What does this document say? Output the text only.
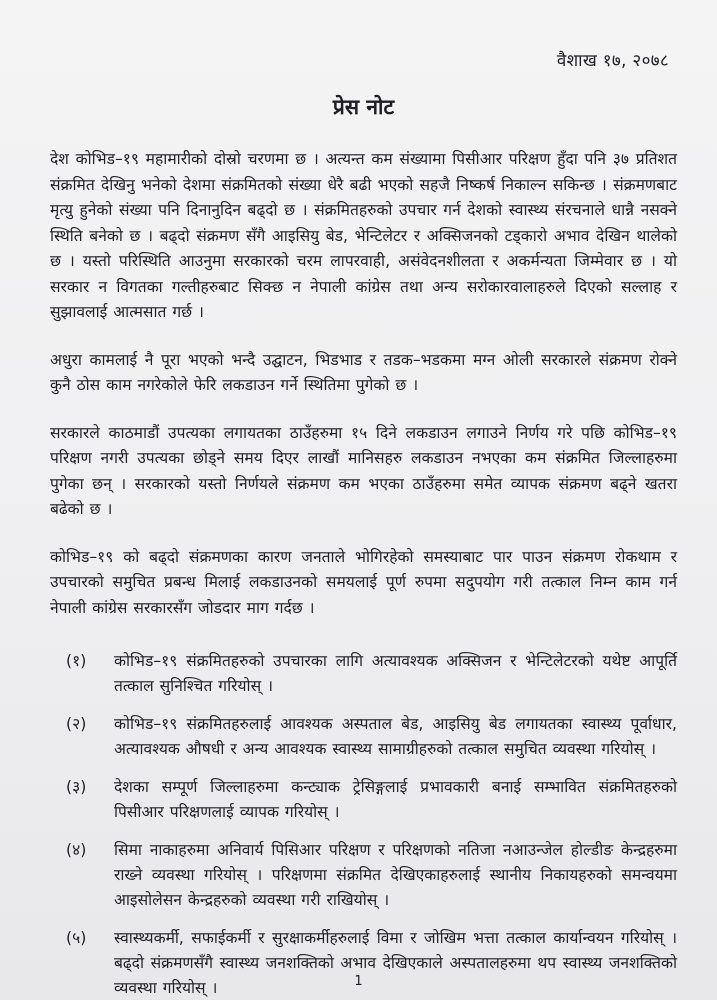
वैशाख १७, २०७८
प्रेस नोट

देश कोभिड–१९ महामारीको दोस्रो चरणमा छ । अत्यन्त कम संख्यामा पिसीआर परिक्षण हुँदा पनि ३७ प्रतिशत संक्रमित देखिनु भनेको देशमा संक्रमितको संख्या धेरै बढी भएको सहजै निष्कर्ष निकाल्न सकिन्छ । संक्रमणबाट मृत्यु हुनेको संख्या पनि दिनानुदिन बढ्दो छ । संक्रमितहरुको उपचार गर्न देशको स्वास्थ्य संरचनाले धान्नै नसक्ने स्थिति बनेको छ । बढ्दो संक्रमण सँगै आइसियु बेड, भेन्टिलेटर र अक्सिजनको टड्कारो अभाव देखिन थालेको छ । यस्तो परिस्थिति आउनुमा सरकारको चरम लापरवाही, असंवेदनशीलता र अकर्मन्यता जिम्मेवार छ । यो सरकार न विगतका गल्तीहरुबाट सिक्छ न नेपाली कांग्रेस तथा अन्य सरोकारवालाहरुले दिएको सल्लाह र सुझावलाई आत्मसात गर्छ ।

अधुरा कामलाई नै पूरा भएको भन्दै उद्घाटन, भिडभाड र तडक–भडकमा मग्न ओली सरकारले संक्रमण रोक्ने कुनै ठोस काम नगरेकोले फेरि लकडाउन गर्ने स्थितिमा पुगेको छ ।

सरकारले काठमाडौं उपत्यका लगायतका ठाउँहरुमा १५ दिने लकडाउन लगाउने निर्णय गरे पछि कोभिड–१९ परिक्षण नगरी उपत्यका छोड्ने समय दिएर लाखौं मानिसहरु लकडाउन नभएका कम संक्रमित जिल्लाहरुमा पुगेका छन् । सरकारको यस्तो निर्णयले संक्रमण कम भएका ठाउँहरुमा समेत व्यापक संक्रमण बढ्ने खतरा बढेको छ ।

कोभिड–१९ को बढ्दो संक्रमणका कारण जनताले भोगिरहेको समस्याबाट पार पाउन संक्रमण रोकथाम र उपचारको समुचित प्रबन्ध मिलाई लकडाउनको समयलाई पूर्ण रुपमा सदुपयोग गरी तत्काल निम्न काम गर्न नेपाली कांग्रेस सरकारसँग जोडदार माग गर्दछ ।

(१)	कोभिड–१९ संक्रमितहरुको उपचारका लागि अत्यावश्यक अक्सिजन र भेन्टिलेटरको यथेष्ट आपूर्ति तत्काल सुनिश्चित गरियोस् ।
(२)	कोभिड–१९ संक्रमितहरुलाई आवश्यक अस्पताल बेड, आइसियु बेड लगायतका स्वास्थ्य पूर्वाधार, अत्यावश्यक औषधी र अन्य आवश्यक स्वास्थ्य सामाग्रीहरुको तत्काल समुचित व्यवस्था गरियोस् ।
(३)	देशका सम्पूर्ण जिल्लाहरुमा कन्ट्याक ट्रेसिङ्गलाई प्रभावकारी बनाई सम्भावित संक्रमितहरुको पिसीआर परिक्षणलाई व्यापक गरियोस् ।
(४)	सिमा नाकाहरुमा अनिवार्य पिसिआर परिक्षण र परिक्षणको नतिजा नआउन्जेल होल्डीङ केन्द्रहरुमा राख्ने व्यवस्था गरियोस् । परिक्षणमा संक्रमित देखिएकाहरुलाई स्थानीय निकायहरुको समन्वयमा आइसोलेसन केन्द्रहरुको व्यवस्था गरी राखियोस् ।
(५)	स्वास्थ्यकर्मी, सफाईकर्मी र सुरक्षाकर्मीहरुलाई विमा र जोखिम भत्ता तत्काल कार्यान्वयन गरियोस् । बढ्दो संक्रमणसँगै स्वास्थ्य जनशक्तिको अभाव देखिएकाले अस्पतालहरुमा थप स्वास्थ्य जनशक्तिको व्यवस्था गरियोस् ।	1
